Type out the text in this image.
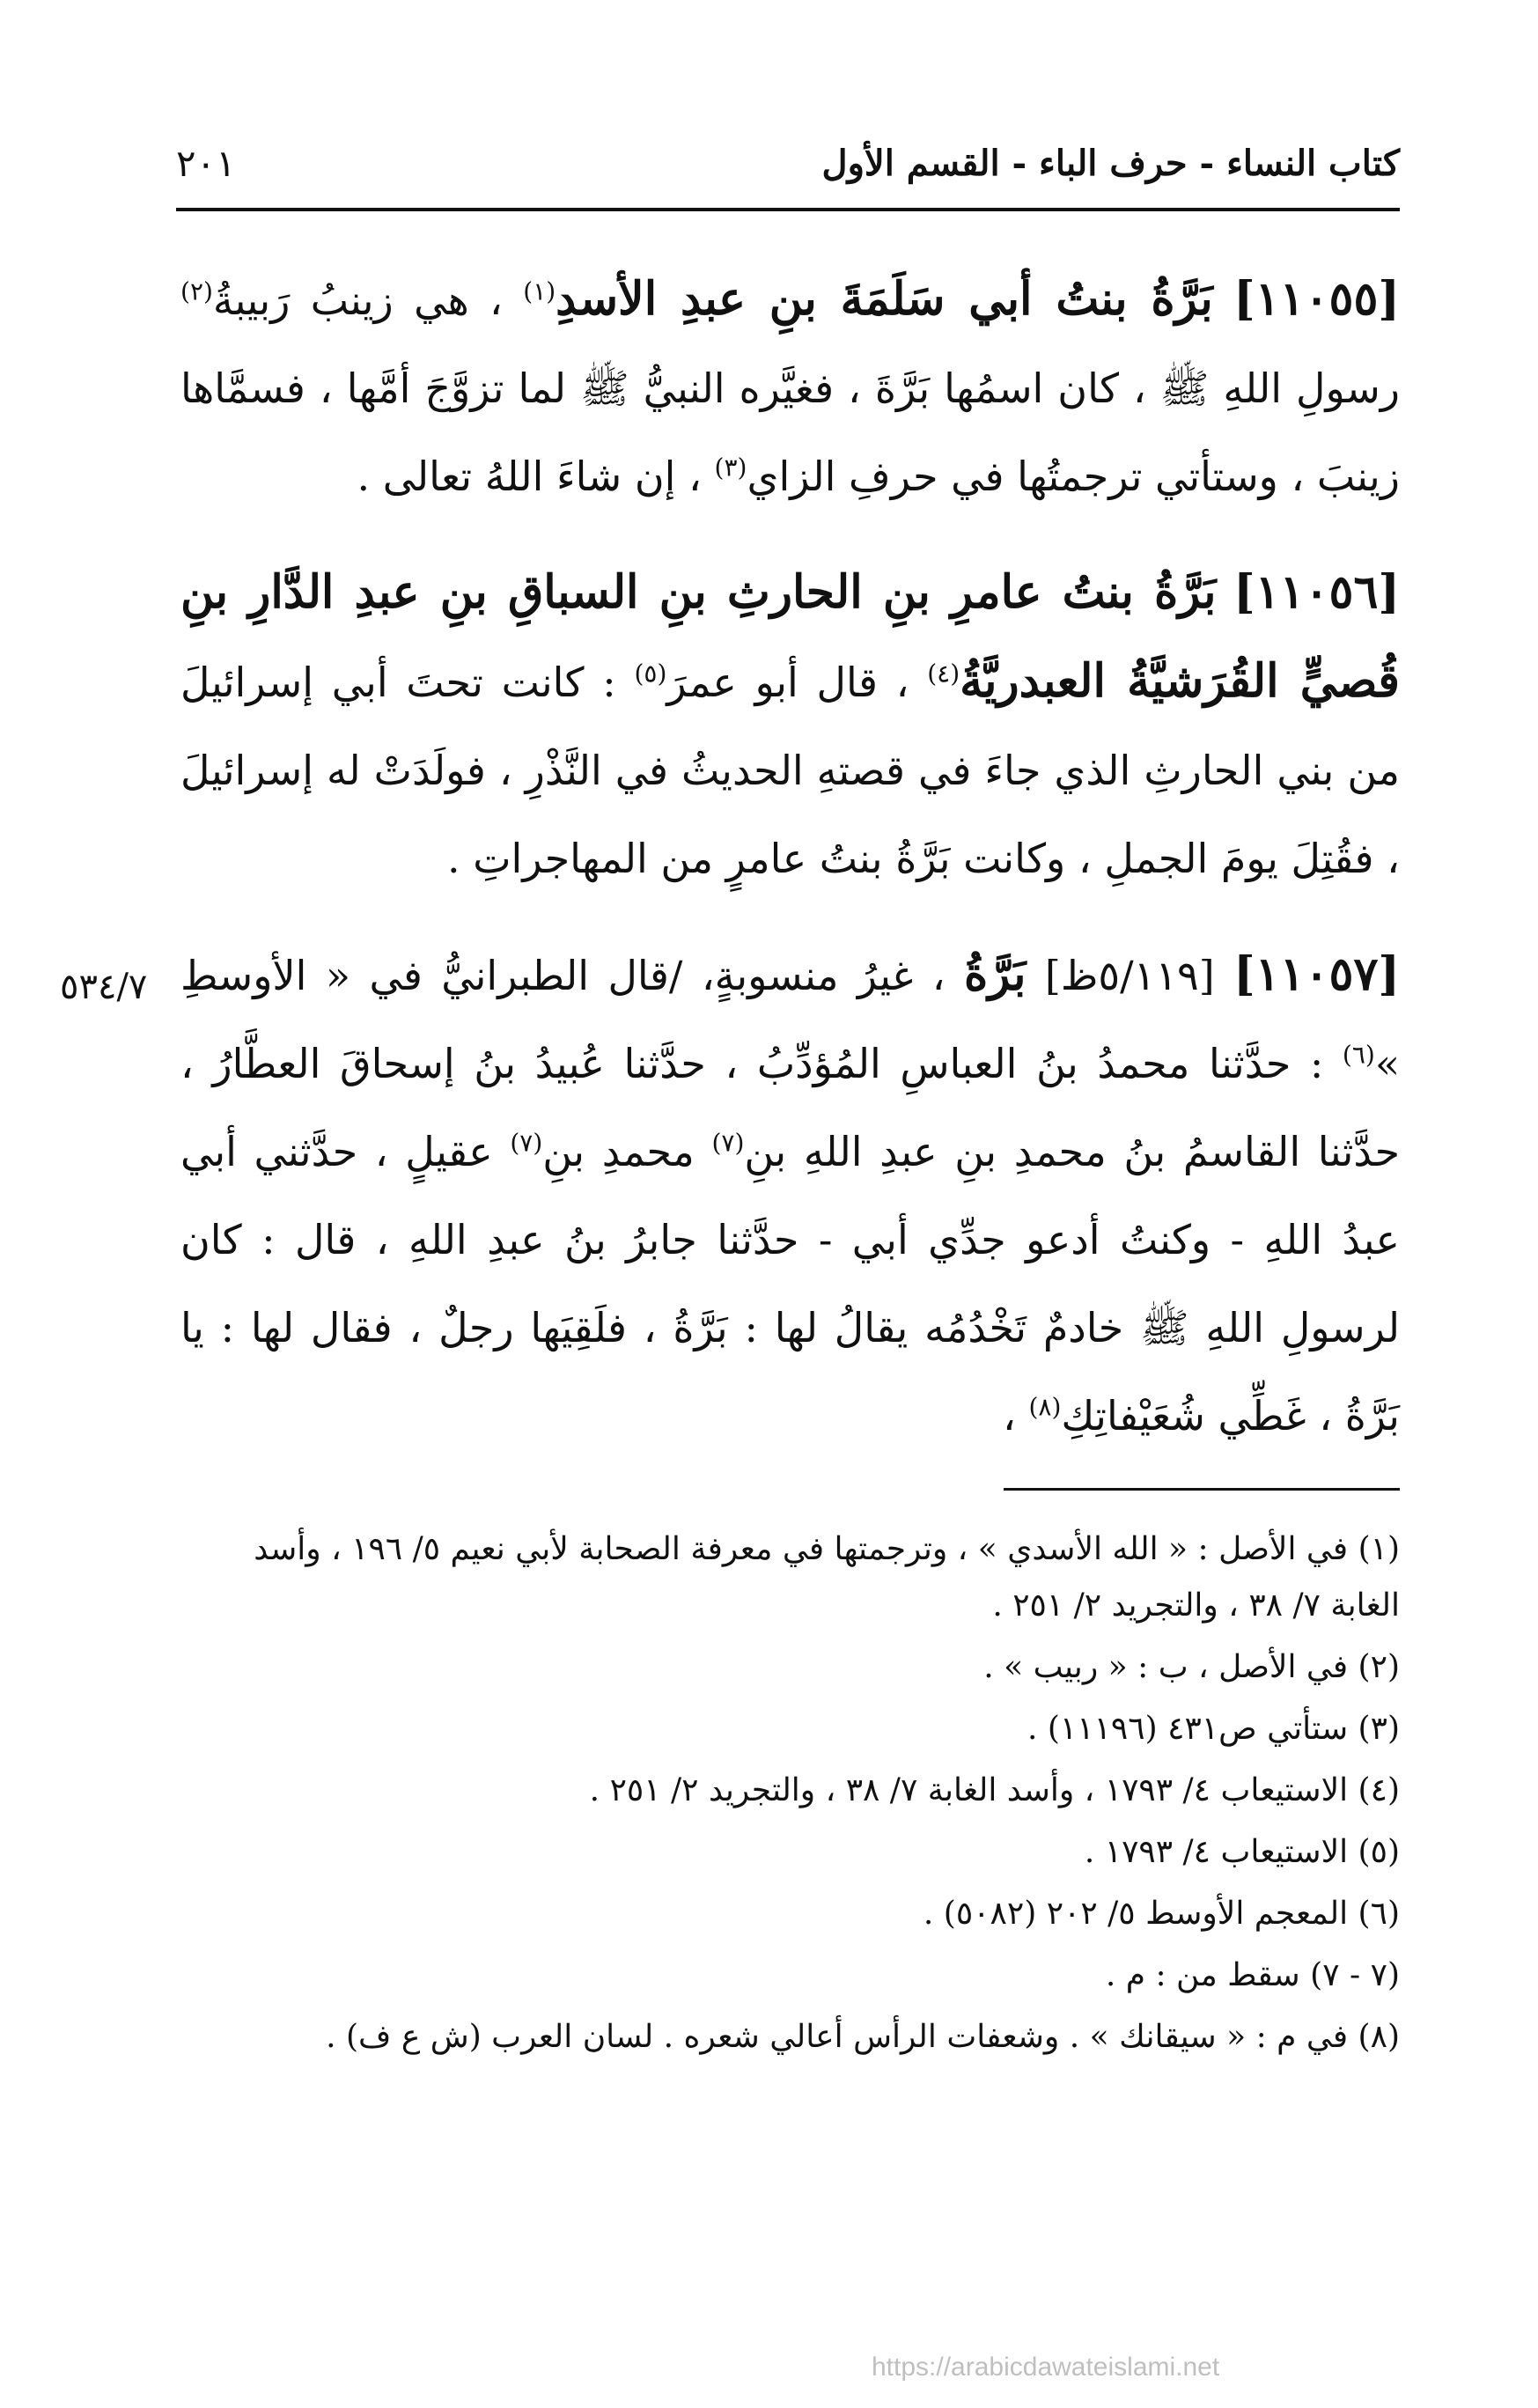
كتاب النساء - حرف الباء - القسم الأول
٢٠١

[١١٠٥٥] بَرَّةُ بنتُ أبي سَلَمَةَ بنِ عبدِ الأسدِ$^{(١)}$ ، هي زينبُ رَبيبةُ$^{(٢)}$ رسولِ اللهِ ﷺ ، كان اسمُها بَرَّةَ ، فغيَّره النبيُّ ﷺ لما تزوَّجَ أمَّها ، فسمَّاها زينبَ ، وستأتي ترجمتُها في حرفِ الزاي$^{(٣)}$ ، إن شاءَ اللهُ تعالى .

[١١٠٥٦] بَرَّةُ بنتُ عامرِ بنِ الحارثِ بنِ السباقِ بنِ عبدِ الدَّارِ بنِ قُصيٍّ القُرَشيَّةُ العبدريَّةُ$^{(٤)}$ ، قال أبو عمرَ$^{(٥)}$ : كانت تحتَ أبي إسرائيلَ من بني الحارثِ الذي جاءَ في قصتهِ الحديثُ في النَّذْرِ ، فولَدَتْ له إسرائيلَ ، فقُتِلَ يومَ الجملِ ، وكانت بَرَّةُ بنتُ عامرٍ من المهاجراتِ .

[١١٠٥٧] [٥/١١٩ظ] بَرَّةُ ، غيرُ منسوبةٍ، /قال الطبرانيُّ في « الأوسطِ »$^{(٦)}$ : حدَّثنا محمدُ بنُ العباسِ المُؤدِّبُ ، حدَّثنا عُبيدُ بنُ إسحاقَ العطَّارُ ، حدَّثنا القاسمُ بنُ محمدِ بنِ عبدِ اللهِ بنِ$^{(٧)}$ محمدِ بنِ$^{(٧)}$ عقيلٍ ، حدَّثني أبي عبدُ اللهِ - وكنتُ أدعو جدِّي أبي - حدَّثنا جابرُ بنُ عبدِ اللهِ ، قال : كان لرسولِ اللهِ ﷺ خادمٌ تَخْدُمُه يقالُ لها : بَرَّةُ ، فلَقِيَها رجلٌ ، فقال لها : يا بَرَّةُ ، غَطِّي شُعَيْفاتِكِ$^{(٨)}$ ،

٥٣٤/٧

(١) في الأصل : « الله الأسدي » ، وترجمتها في معرفة الصحابة لأبي نعيم ٥/ ١٩٦ ، وأسد الغابة ٧/ ٣٨ ، والتجريد ٢/ ٢٥١ .

(٢) في الأصل ، ب : « ربيب » .

(٣) ستأتي ص٤٣١ (١١١٩٦) .

(٤) الاستيعاب ٤/ ١٧٩٣ ، وأسد الغابة ٧/ ٣٨ ، والتجريد ٢/ ٢٥١ .

(٥) الاستيعاب ٤/ ١٧٩٣ .

(٦) المعجم الأوسط ٥/ ٢٠٢ (٥٠٨٢) .

(٧ - ٧) سقط من : م .

(٨) في م : « سيقانك » . وشعفات الرأس أعالي شعره . لسان العرب (ش ع ف) .

https://arabicdawateislami.net
